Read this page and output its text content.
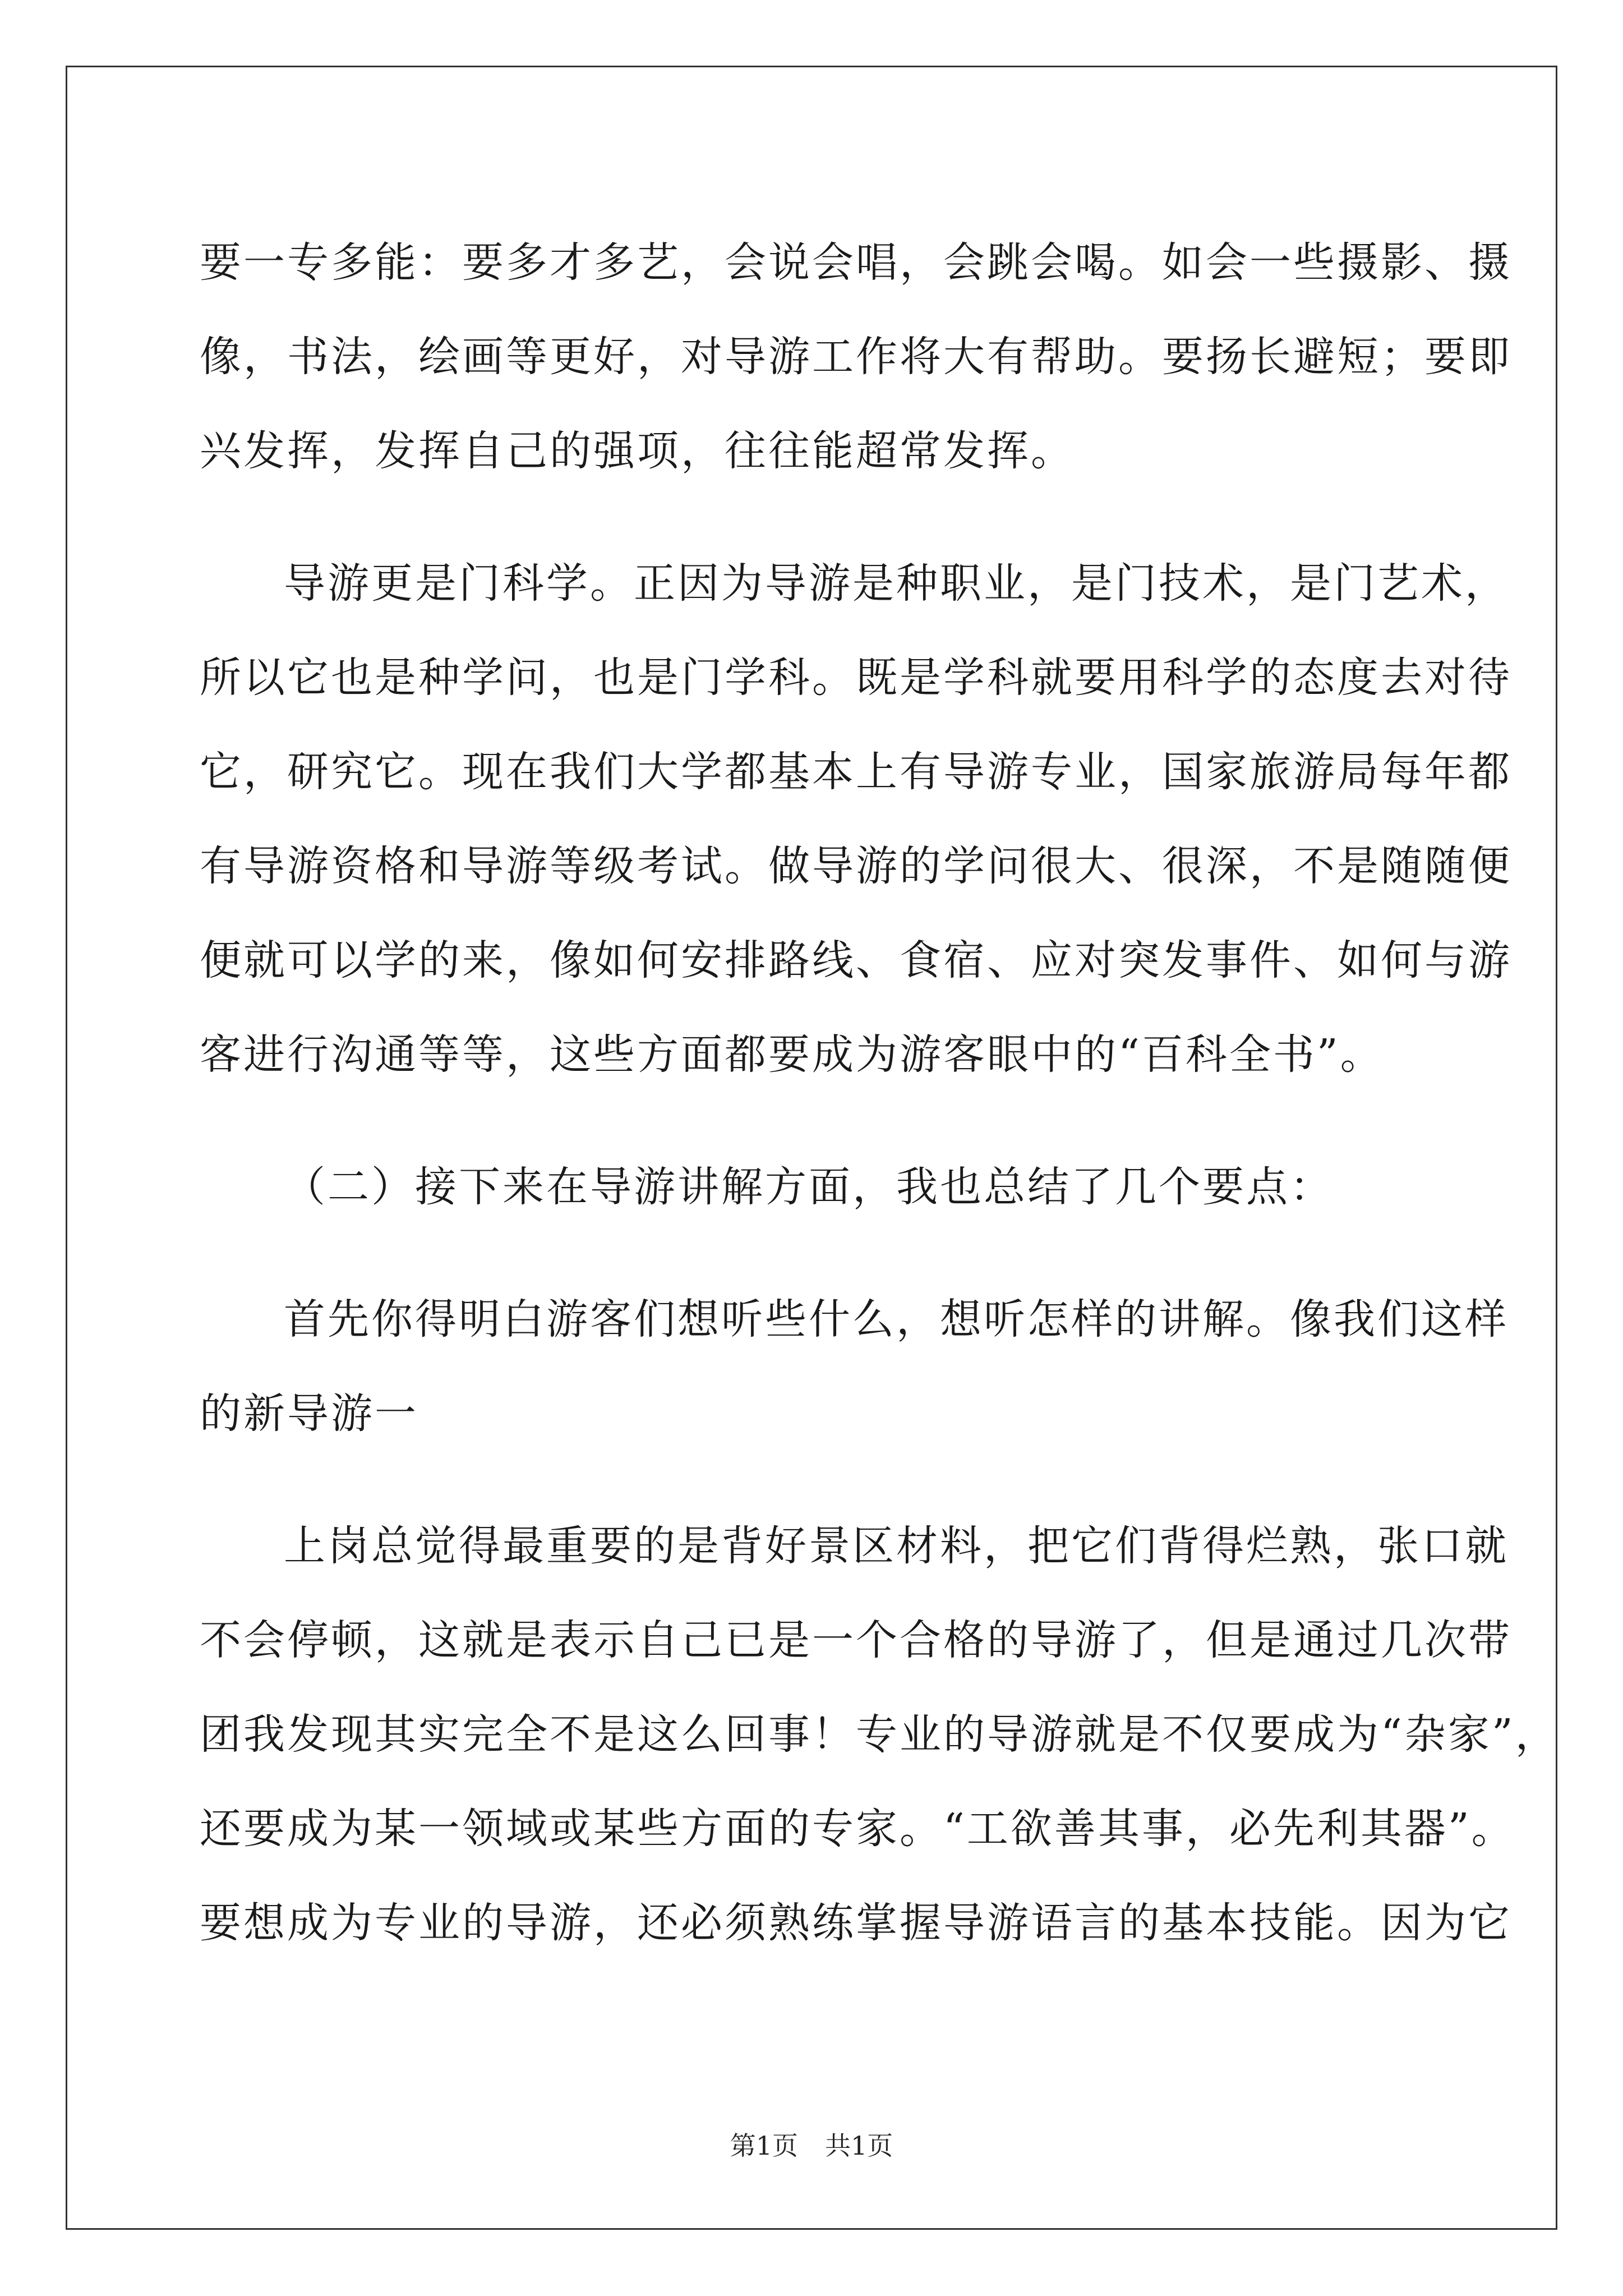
要一专多能：要多才多艺，会说会唱，会跳会喝。如会一些摄影、摄
像，书法，绘画等更好，对导游工作将大有帮助。要扬长避短；要即
兴发挥，发挥自己的强项，往往能超常发挥。
导游更是门科学。正因为导游是种职业，是门技术，是门艺术，
所以它也是种学问，也是门学科。既是学科就要用科学的态度去对待
它，研究它。现在我们大学都基本上有导游专业，国家旅游局每年都
有导游资格和导游等级考试。做导游的学问很大、很深，不是随随便
便就可以学的来，像如何安排路线、食宿、应对突发事件、如何与游
客进行沟通等等，这些方面都要成为游客眼中的“百科全书”。
（二）接下来在导游讲解方面，我也总结了几个要点：
首先你得明白游客们想听些什么，想听怎样的讲解。像我们这样
的新导游一
上岗总觉得最重要的是背好景区材料，把它们背得烂熟，张口就
不会停顿，这就是表示自己已是一个合格的导游了，但是通过几次带
团我发现其实完全不是这么回事！专业的导游就是不仅要成为“杂家”，
还要成为某一领域或某些方面的专家。“工欲善其事，必先利其器”。
要想成为专业的导游，还必须熟练掌握导游语言的基本技能。因为它
第1页 共1页
